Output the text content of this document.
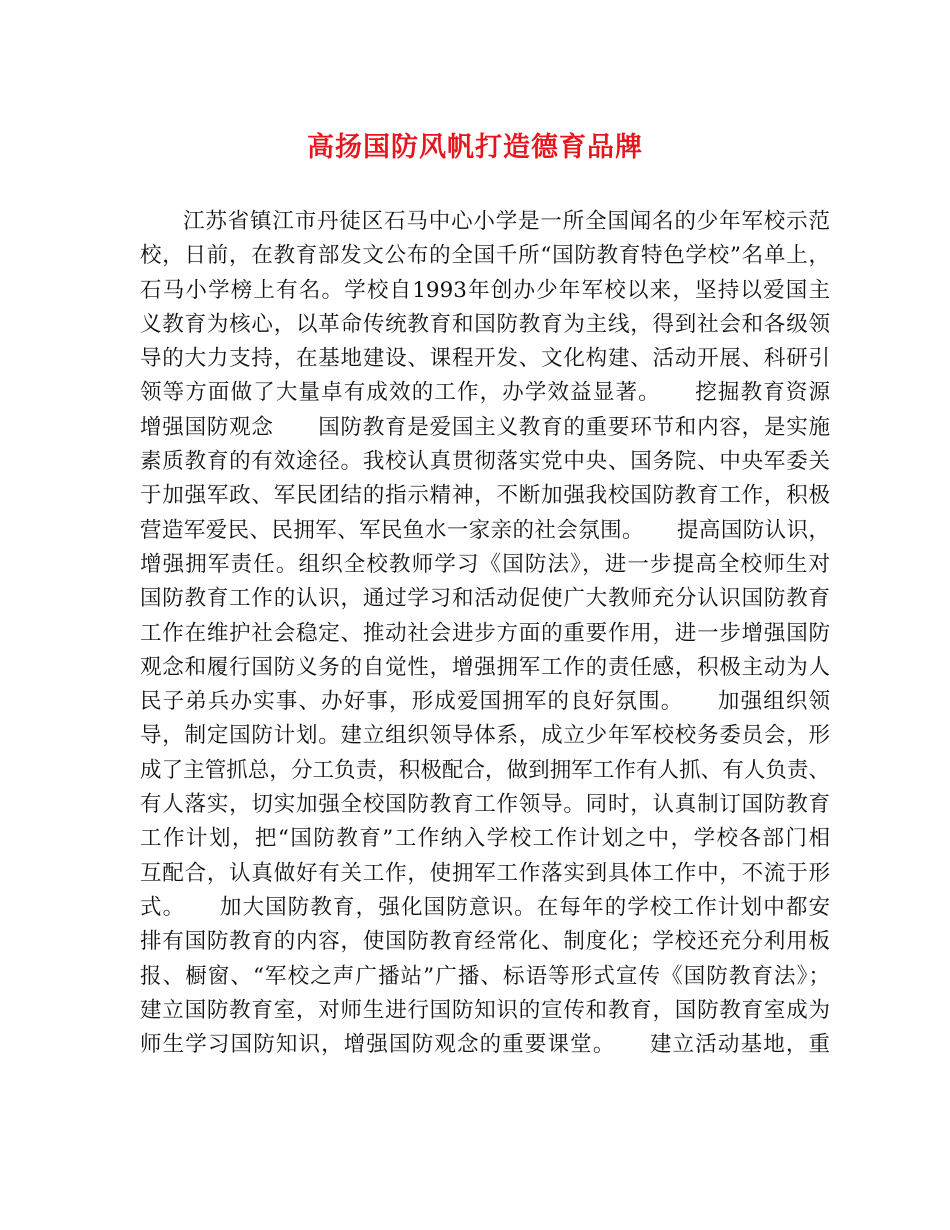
高扬国防风帆打造德育品牌
江苏省镇江市丹徒区石马中心小学是一所全国闻名的少年军校示范
校，日前，在教育部发文公布的全国千所“国防教育特色学校”名单上，
石马小学榜上有名。学校自1993年创办少年军校以来，坚持以爱国主
义教育为核心，以革命传统教育和国防教育为主线，得到社会和各级领
导的大力支持，在基地建设、课程开发、文化构建、活动开展、科研引
领等方面做了大量卓有成效的工作，办学效益显著。　　挖掘教育资源
增强国防观念　　国防教育是爱国主义教育的重要环节和内容，是实施
素质教育的有效途径。我校认真贯彻落实党中央、国务院、中央军委关
于加强军政、军民团结的指示精神，不断加强我校国防教育工作，积极
营造军爱民、民拥军、军民鱼水一家亲的社会氛围。　　提高国防认识，
增强拥军责任。组织全校教师学习《国防法》，进一步提高全校师生对
国防教育工作的认识，通过学习和活动促使广大教师充分认识国防教育
工作在维护社会稳定、推动社会进步方面的重要作用，进一步增强国防
观念和履行国防义务的自觉性，增强拥军工作的责任感，积极主动为人
民子弟兵办实事、办好事，形成爱国拥军的良好氛围。　　加强组织领
导，制定国防计划。建立组织领导体系，成立少年军校校务委员会，形
成了主管抓总，分工负责，积极配合，做到拥军工作有人抓、有人负责、
有人落实，切实加强全校国防教育工作领导。同时，认真制订国防教育
工作计划，把“国防教育”工作纳入学校工作计划之中，学校各部门相
互配合，认真做好有关工作，使拥军工作落实到具体工作中，不流于形
式。　　加大国防教育，强化国防意识。在每年的学校工作计划中都安
排有国防教育的内容，使国防教育经常化、制度化；学校还充分利用板
报、橱窗、“军校之声广播站”广播、标语等形式宣传《国防教育法》；
建立国防教育室，对师生进行国防知识的宣传和教育，国防教育室成为
师生学习国防知识，增强国防观念的重要课堂。　　建立活动基地，重
